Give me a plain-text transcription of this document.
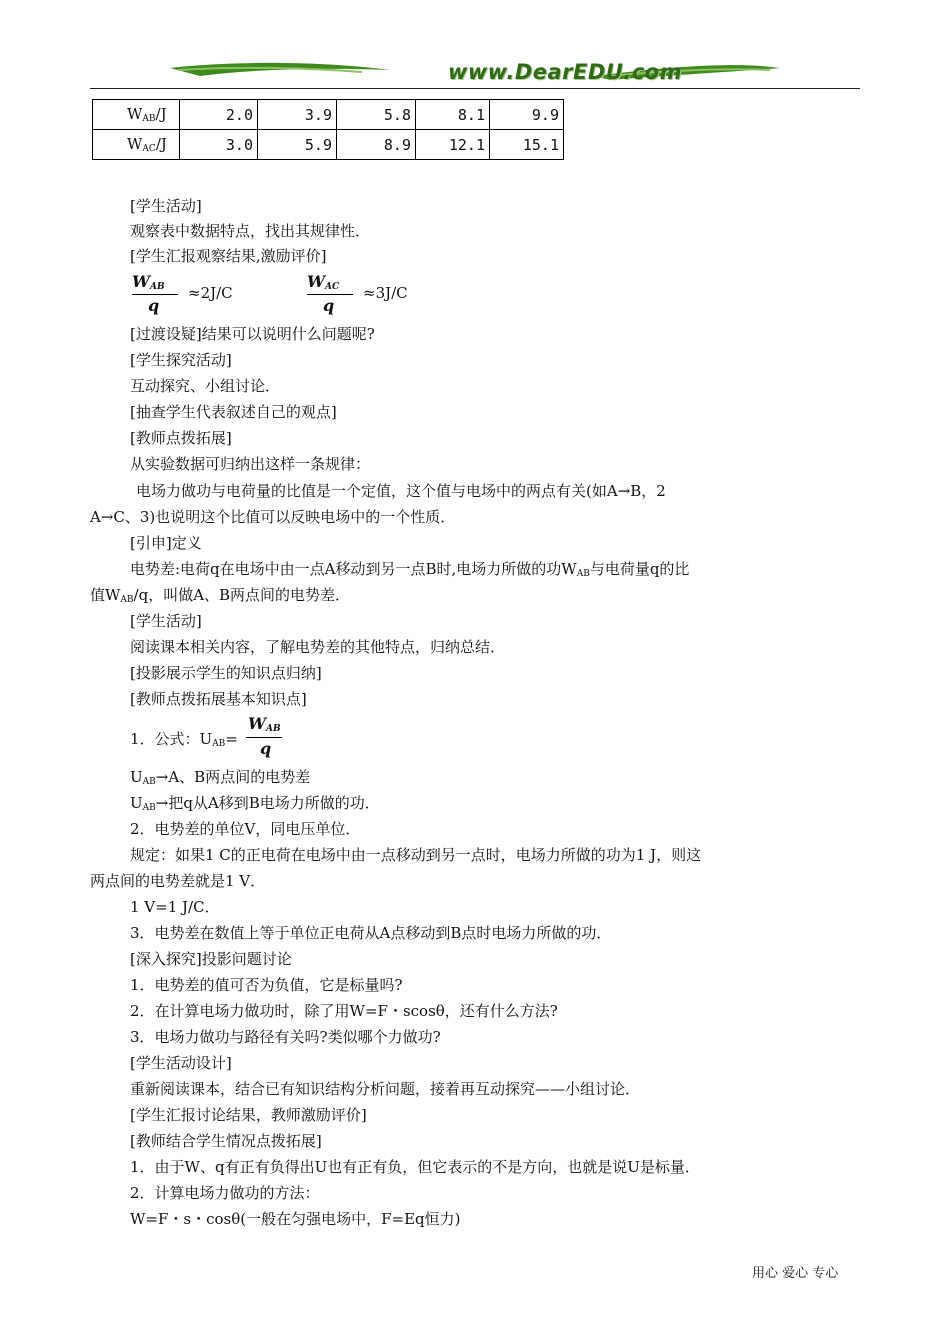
www.DearEDU.com
$W_{AB}/J$	2.0	3.9	5.8	8.1	9.9
$W_{AC}/J$	3.0	5.9	8.9	12.1	15.1
[学生活动]
观察表中数据特点，找出其规律性．
[学生汇报观察结果,激励评价]
$W_{AB}$
q
≈2J/C
$W_{AC}$
q
≈3J/C
[过渡设疑]结果可以说明什么问题呢?
[学生探究活动]
互动探究、小组讨论．
[抽查学生代表叙述自己的观点]
[教师点拨拓展]
从实验数据可归纳出这样一条规律：
电场力做功与电荷量的比值是一个定值，这个值与电场中的两点有关(如A→B，2
A→C、3)也说明这个比值可以反映电场中的一个性质．
[引申]定义
电势差:电荷q在电场中由一点A移动到另一点B时,电场力所做的功$W_{AB}$与电荷量q的比
值$W_{AB}/q$，叫做A、B两点间的电势差．
[学生活动]
阅读课本相关内容，了解电势差的其他特点，归纳总结．
[投影展示学生的知识点归纳]
[教师点拨拓展基本知识点]
1．公式：$U_{AB}=$
$W_{AB}$
q
$U_{AB}\to A$、B两点间的电势差
$U_{AB}\to$把q从A移到B电场力所做的功．
2．电势差的单位V，同电压单位．
规定：如果1 C的正电荷在电场中由一点移动到另一点时，电场力所做的功为1 J，则这
两点间的电势差就是1 V．
1 V=1 J/C．
3．电势差在数值上等于单位正电荷从A点移动到B点时电场力所做的功．
[深入探究]投影问题讨论
1．电势差的值可否为负值，它是标量吗?
2．在计算电场力做功时，除了用W=F・scosθ，还有什么方法?
3．电场力做功与路径有关吗?类似哪个力做功?
[学生活动设计]
重新阅读课本，结合已有知识结构分析问题，接着再互动探究——小组讨论．
[学生汇报讨论结果，教师激励评价]
[教师结合学生情况点拨拓展]
1．由于W、q有正有负得出U也有正有负，但它表示的不是方向，也就是说U是标量．
2．计算电场力做功的方法：
W=F・s・cosθ(一般在匀强电场中，F=Eq恒力)
用心 爱心 专心
